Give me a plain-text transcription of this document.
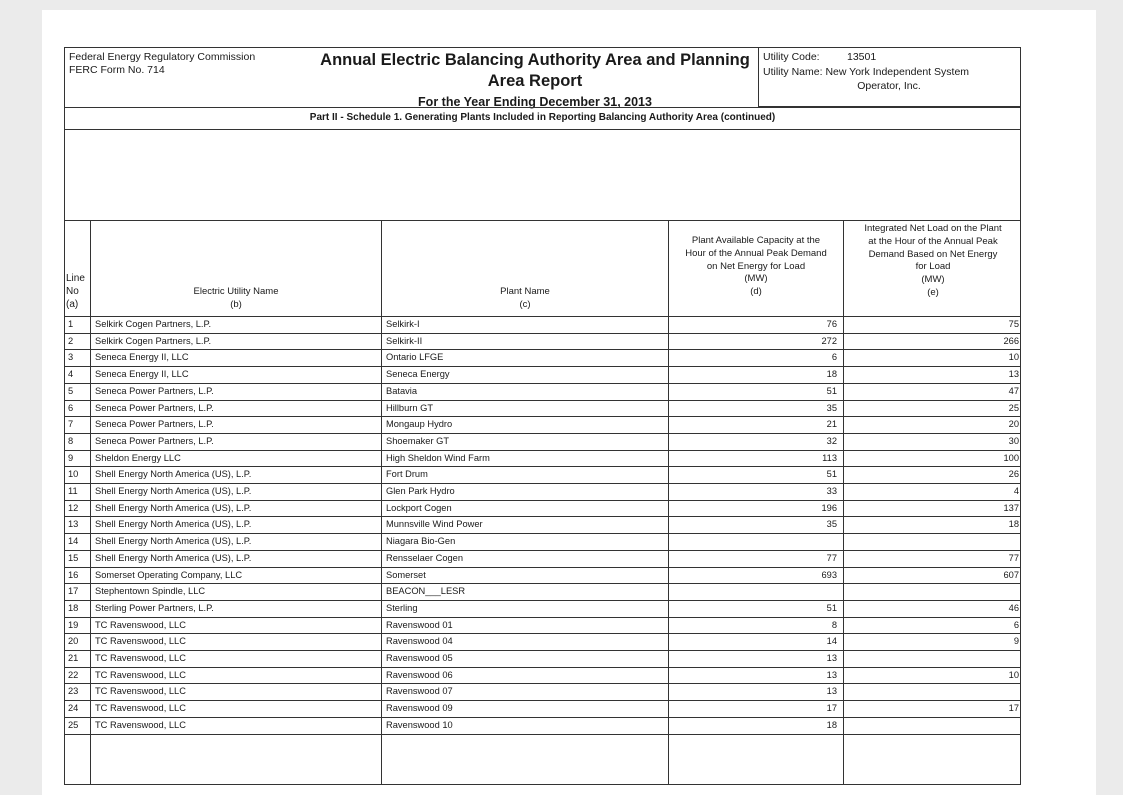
Federal Energy Regulatory Commission
FERC Form No. 714
Annual Electric Balancing Authority Area and Planning
Area Report
For the Year Ending December 31, 2013
Utility Code:	13501
Utility Name: New York Independent System
Operator, Inc.
Part II - Schedule 1. Generating Plants Included in Reporting Balancing Authority Area (continued)
Line
No
(a)
Electric Utility Name
(b)
Plant Name
(c)
Plant Available Capacity at the
Hour of the Annual Peak Demand
on Net Energy for Load
(MW)
(d)
Integrated Net Load on the Plant
at the Hour of the Annual Peak
Demand Based on Net Energy
for Load
(MW)
(e)
1	Selkirk Cogen Partners, L.P.	Selkirk-I	76	75
2	Selkirk Cogen Partners, L.P.	Selkirk-II	272	266
3	Seneca Energy II, LLC	Ontario LFGE	6	10
4	Seneca Energy II, LLC	Seneca Energy	18	13
5	Seneca Power Partners, L.P.	Batavia	51	47
6	Seneca Power Partners, L.P.	Hillburn GT	35	25
7	Seneca Power Partners, L.P.	Mongaup Hydro	21	20
8	Seneca Power Partners, L.P.	Shoemaker GT	32	30
9	Sheldon Energy LLC	High Sheldon Wind Farm	113	100
10	Shell Energy North America (US), L.P.	Fort Drum	51	26
11	Shell Energy North America (US), L.P.	Glen Park Hydro	33	4
12	Shell Energy North America (US), L.P.	Lockport Cogen	196	137
13	Shell Energy North America (US), L.P.	Munnsville Wind Power	35	18
14	Shell Energy North America (US), L.P.	Niagara Bio-Gen
15	Shell Energy North America (US), L.P.	Rensselaer Cogen	77	77
16	Somerset Operating Company, LLC	Somerset	693	607
17	Stephentown Spindle, LLC	BEACON___LESR
18	Sterling Power Partners, L.P.	Sterling	51	46
19	TC Ravenswood, LLC	Ravenswood 01	8	6
20	TC Ravenswood, LLC	Ravenswood 04	14	9
21	TC Ravenswood, LLC	Ravenswood 05	13
22	TC Ravenswood, LLC	Ravenswood 06	13	10
23	TC Ravenswood, LLC	Ravenswood 07	13
24	TC Ravenswood, LLC	Ravenswood 09	17	17
25	TC Ravenswood, LLC	Ravenswood 10	18
